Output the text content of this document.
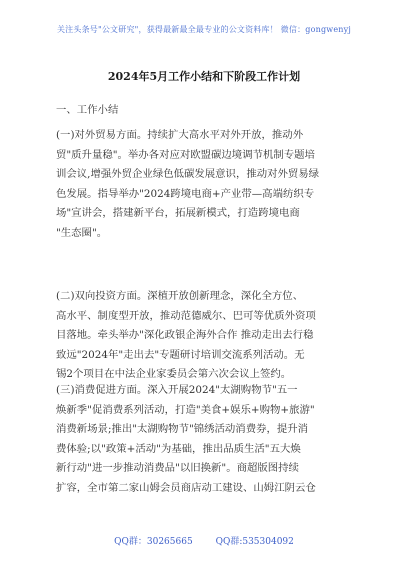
关注头条号"公文研究"，获得最新最全最专业的公文资料库！ 微信：gongwenyj
2024年5月工作小结和下阶段工作计划
一、工作小结
(一)对外贸易方面。持续扩大高水平对外开放，推动外
贸"质升量稳"。举办各对应对欧盟碳边境调节机制专题培
训会议,增强外贸企业绿色低碳发展意识，推动对外贸易绿
色发展。指导举办"2024跨境电商+产业带—高端纺织专
场"宣讲会，搭建新平台，拓展新模式，打造跨境电商
"生态圈"。
(二)双向投资方面。深植开放创新理念，深化全方位、
高水平、制度型开放，推动范德威尔、巴可等优质外资项
目落地。牵头举办"深化政银企海外合作 推动走出去行稳
致远"2024年"走出去"专题研讨培训交流系列活动。无
锡2个项目在中法企业家委员会第六次会议上签约。
(三)消费促进方面。深入开展2024"太湖购物节"五一
焕新季"促消费系列活动，打造"美食+娱乐+购物+旅游"
消费新场景;推出"太湖购物节"锦绣活动消费券，提升消
费体验;以"政策+活动"为基础，推出品质生活"五大焕
新行动"进一步推动消费品"以旧换新"。商超版图持续
扩容，全市第二家山姆会员商店动工建设、山姆江阴云仓
QQ群：30265665	QQ群:535304092
